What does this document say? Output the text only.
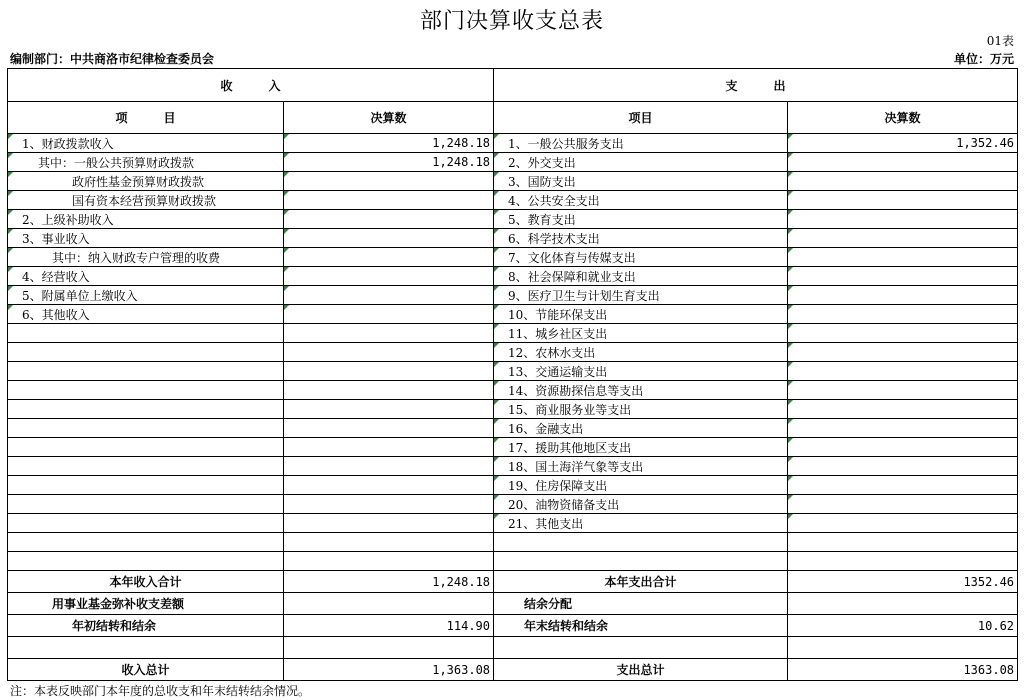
部门决算收支总表
01表
编制部门：中共商洛市纪律检查委员会	单位：万元
收　　　入		支　　　出	
项　　　目	决算数	项目	决算数
1、财政拨款收入	1,248.18	1、一般公共服务支出	1,352.46
其中：一般公共预算财政拨款	1,248.18	2、外交支出	
政府性基金预算财政拨款		3、国防支出	
国有资本经营预算财政拨款		4、公共安全支出	
2、上级补助收入		5、教育支出	
3、事业收入		6、科学技术支出	
其中：纳入财政专户管理的收费		7、文化体育与传媒支出	
4、经营收入		8、社会保障和就业支出	
5、附属单位上缴收入		9、医疗卫生与计划生育支出	
6、其他收入		10、节能环保支出	
		11、城乡社区支出	
		12、农林水支出	
		13、交通运输支出	
		14、资源勘探信息等支出	
		15、商业服务业等支出	
		16、金融支出	
		17、援助其他地区支出	
		18、国土海洋气象等支出	
		19、住房保障支出	
		20、油物资储备支出	
		21、其他支出	

本年收入合计	1,248.18	本年支出合计	1352.46
用事业基金弥补收支差额		结余分配	
年初结转和结余	114.90	年末结转和结余	10.62

收入总计	1,363.08	支出总计	1363.08
注：本表反映部门本年度的总收支和年末结转结余情况。
